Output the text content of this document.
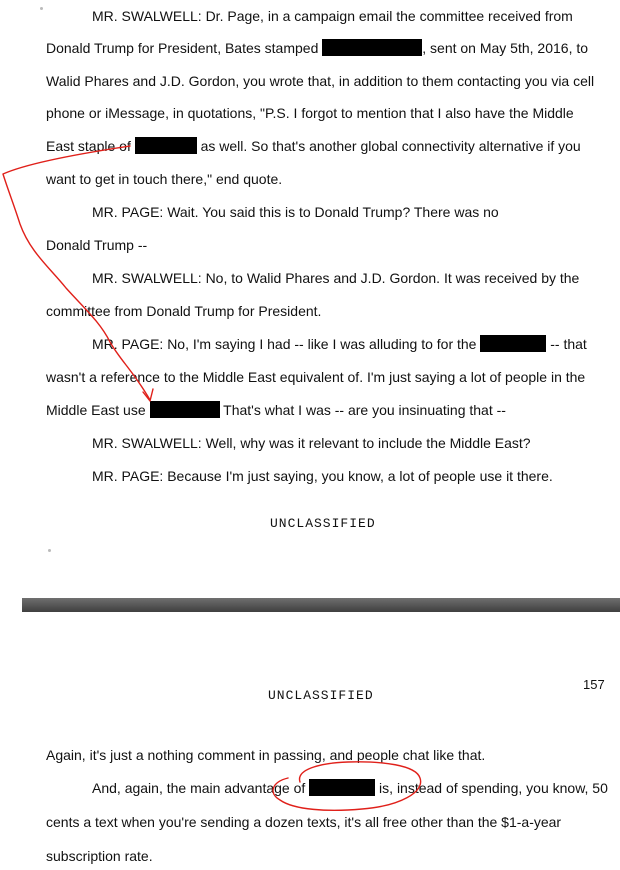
MR. SWALWELL: Dr. Page, in a campaign email the committee received from
Donald Trump for President, Bates stamped	, sent on May 5th, 2016, to
Walid Phares and J.D. Gordon, you wrote that, in addition to them contacting you via cell
phone or iMessage, in quotations, "P.S. I forgot to mention that I also have the Middle
East staple of	as well. So that's another global connectivity alternative if you
want to get in touch there," end quote.
MR. PAGE: Wait. You said this is to Donald Trump? There was no
Donald Trump --
MR. SWALWELL: No, to Walid Phares and J.D. Gordon. It was received by the
committee from Donald Trump for President.
MR. PAGE: No, I'm saying I had -- like I was alluding to for the	-- that
wasn't a reference to the Middle East equivalent of. I'm just saying a lot of people in the
Middle East use	That's what I was -- are you insinuating that --
MR. SWALWELL: Well, why was it relevant to include the Middle East?
MR. PAGE: Because I'm just saying, you know, a lot of people use it there.
UNCLASSIFIED
157
UNCLASSIFIED
Again, it's just a nothing comment in passing, and people chat like that.
And, again, the main advantage of	is, instead of spending, you know, 50
cents a text when you're sending a dozen texts, it's all free other than the $1-a-year
subscription rate.
